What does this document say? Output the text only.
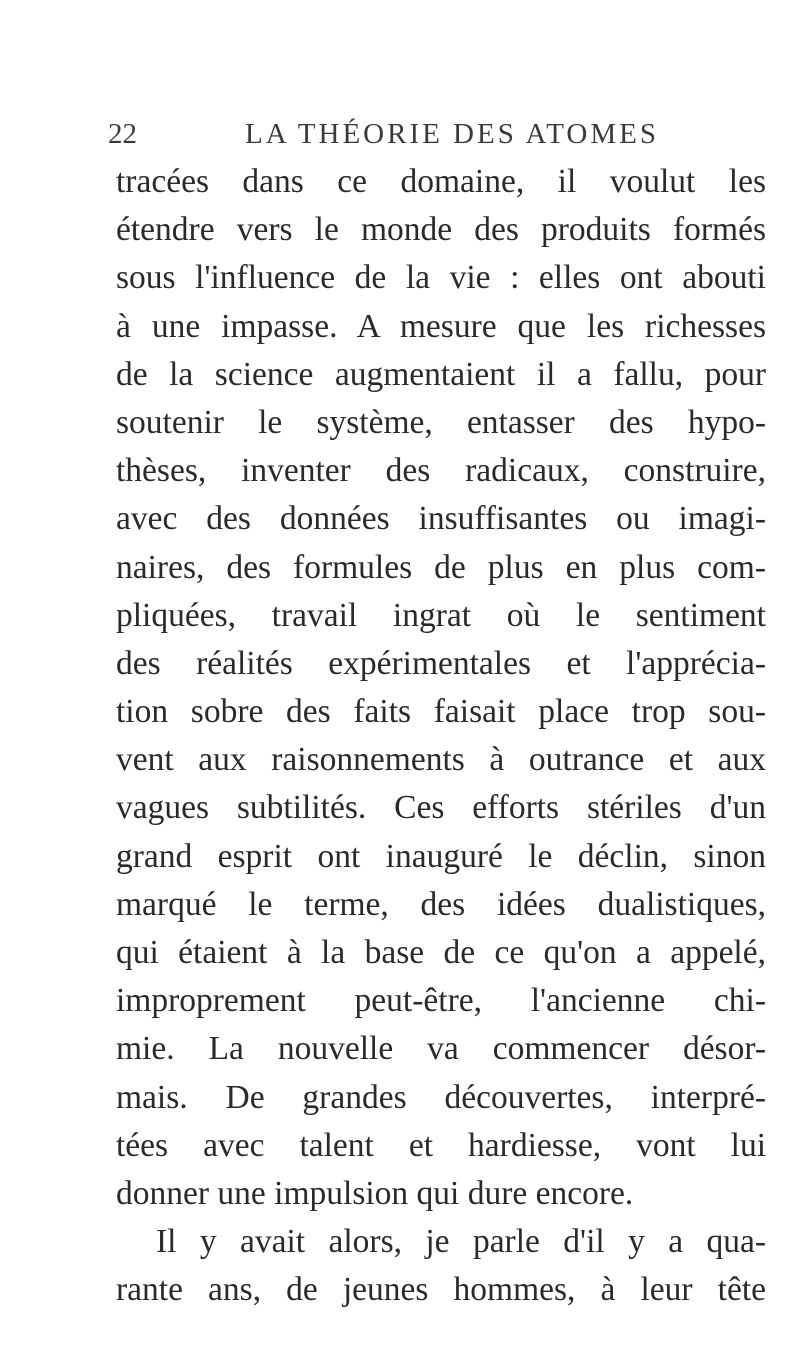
22	LA THÉORIE DES ATOMES
tracées dans ce domaine, il voulut les
étendre vers le monde des produits formés
sous l'influence de la vie : elles ont abouti
à une impasse. A mesure que les richesses
de la science augmentaient il a fallu, pour
soutenir le système, entasser des hypo-
thèses, inventer des radicaux, construire,
avec des données insuffisantes ou imagi-
naires, des formules de plus en plus com-
pliquées, travail ingrat où le sentiment
des réalités expérimentales et l'apprécia-
tion sobre des faits faisait place trop sou-
vent aux raisonnements à outrance et aux
vagues subtilités. Ces efforts stériles d'un
grand esprit ont inauguré le déclin, sinon
marqué le terme, des idées dualistiques,
qui étaient à la base de ce qu'on a appelé,
improprement peut-être, l'ancienne chi-
mie. La nouvelle va commencer désor-
mais. De grandes découvertes, interpré-
tées avec talent et hardiesse, vont lui
donner une impulsion qui dure encore.
Il y avait alors, je parle d'il y a qua-
rante ans, de jeunes hommes, à leur tête
